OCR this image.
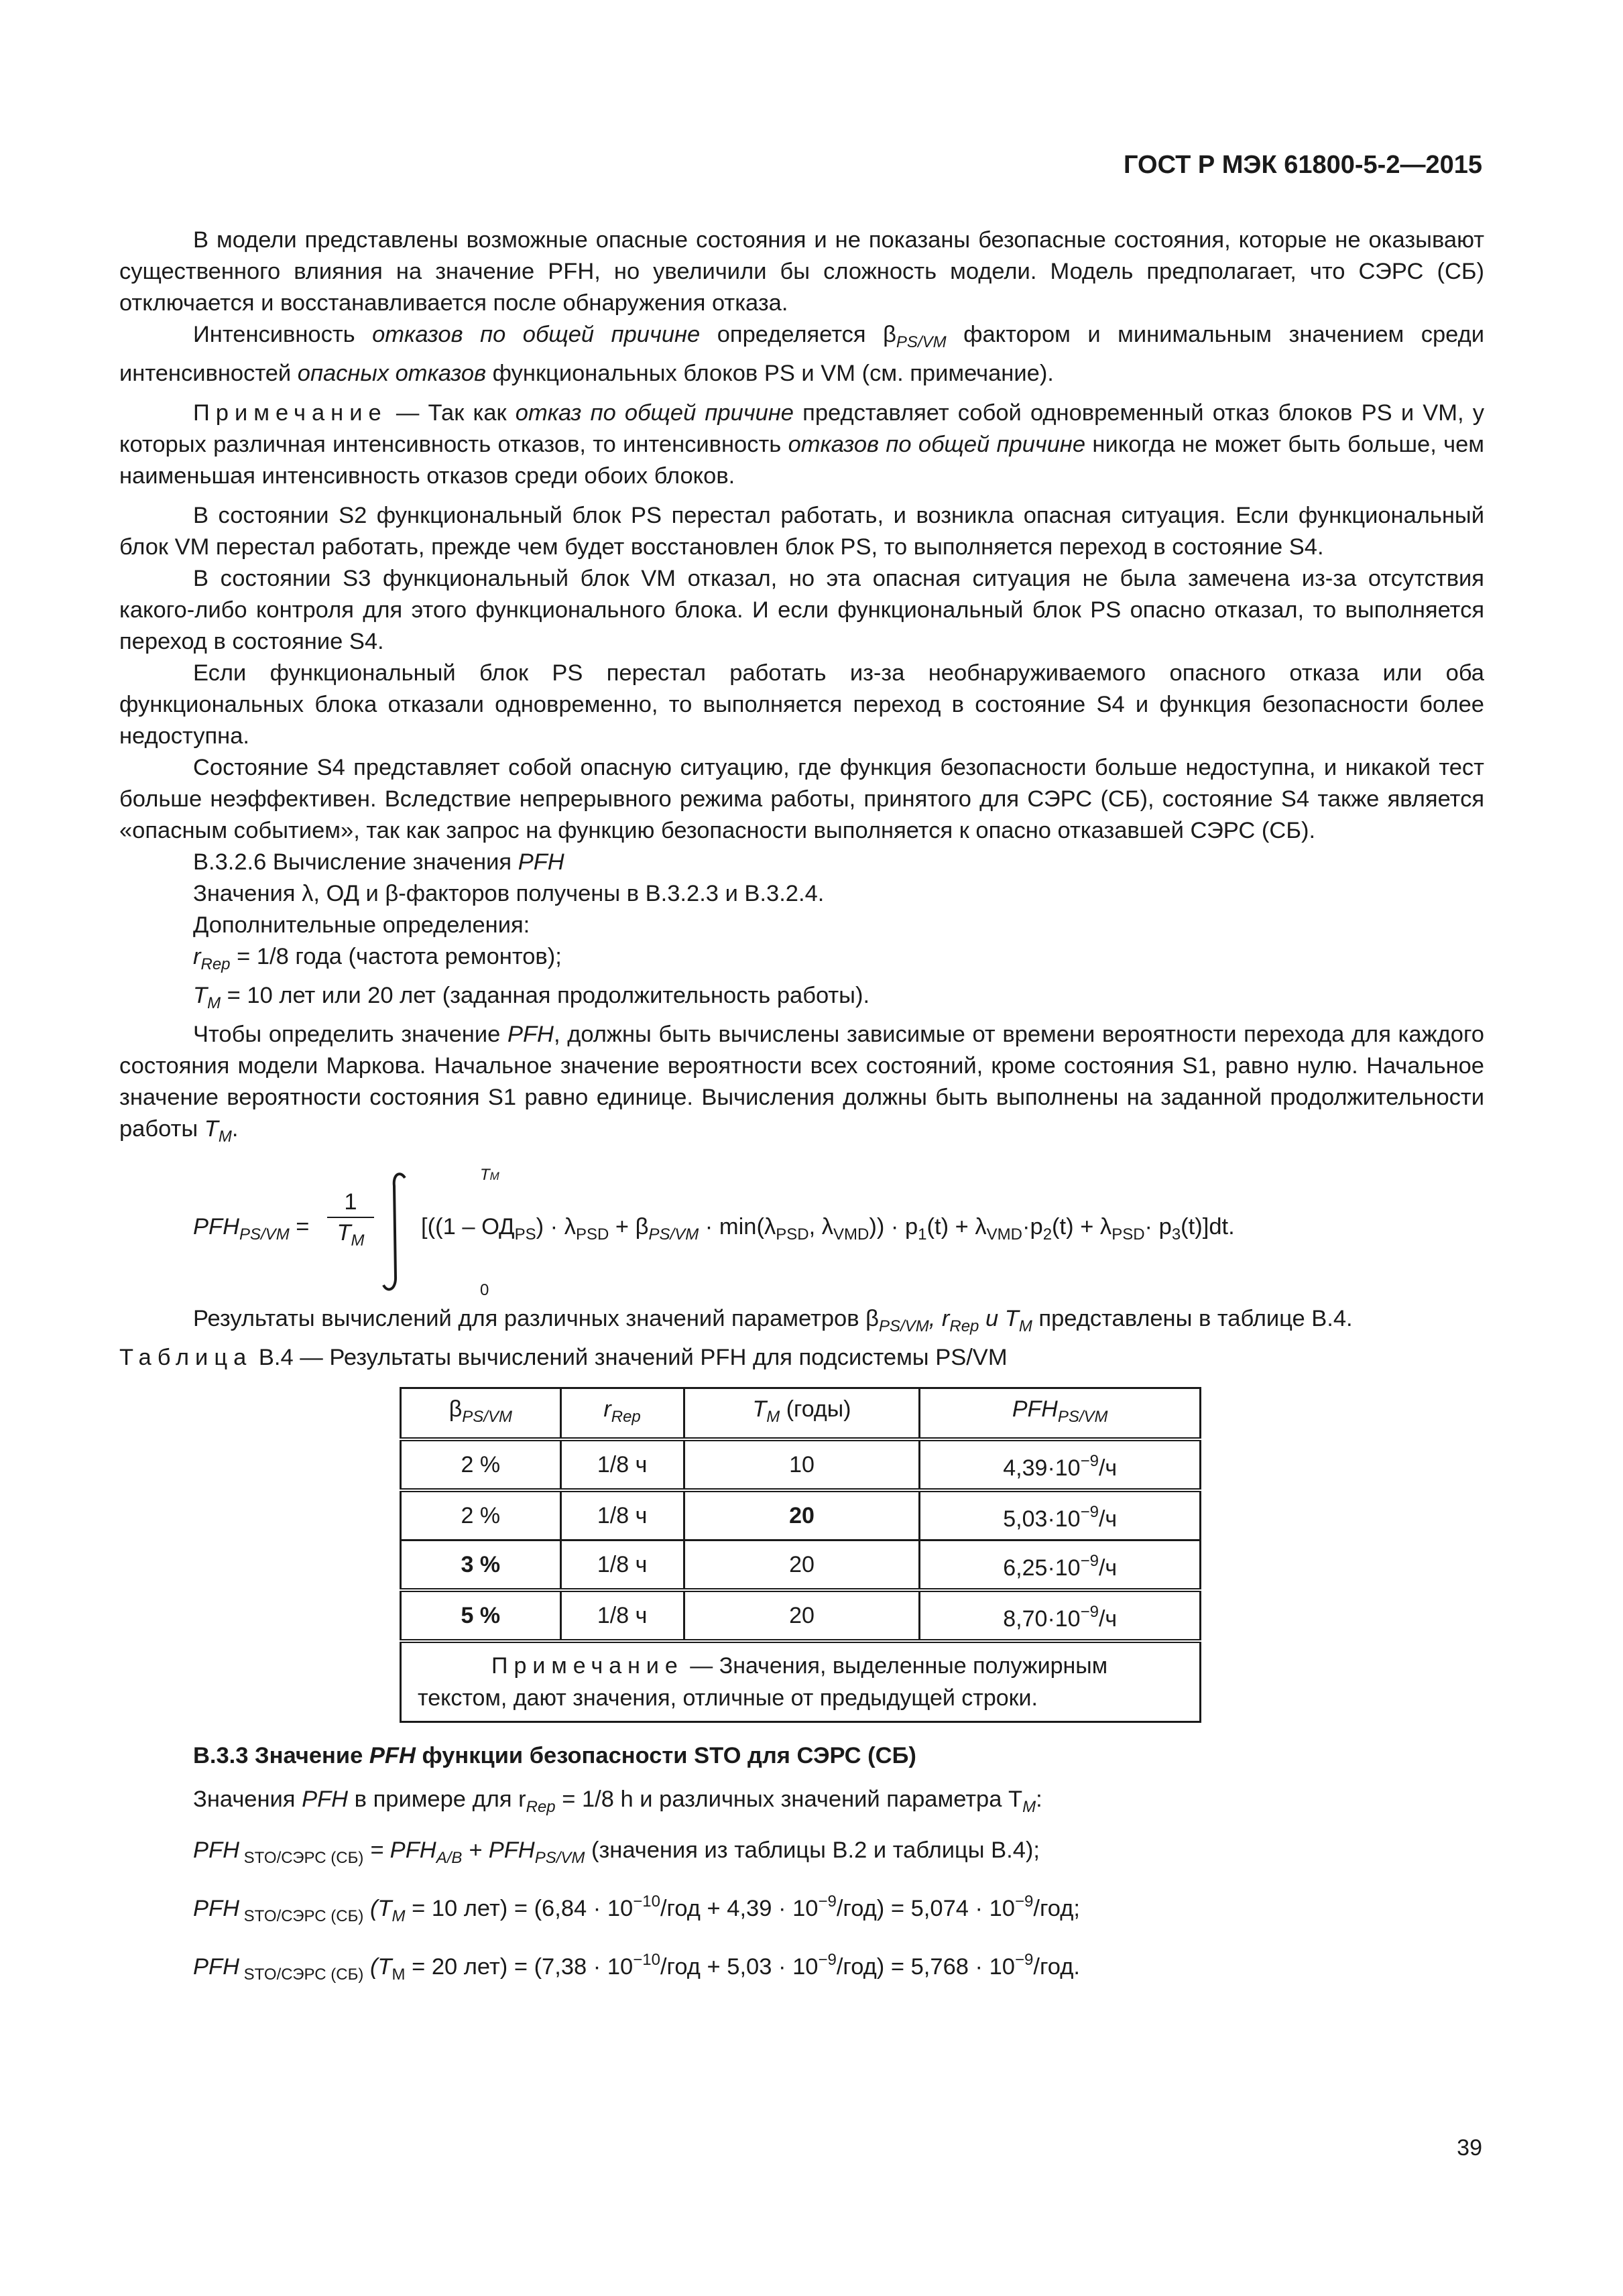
ГОСТ Р МЭК 61800-5-2—2015

В модели представлены возможные опасные состояния и не показаны безопасные состояния, которые не оказывают существенного влияния на значение PFH, но увеличили бы сложность модели. Модель предполагает, что СЭРС (СБ) отключается и восстанавливается после обнаружения отказа.

Интенсивность отказов по общей причине определяется $\beta_{PS/VM}$ фактором и минимальным значением среди интенсивностей опасных отказов функциональных блоков PS и VM (см. примечание).

Примечание — Так как отказ по общей причине представляет собой одновременный отказ блоков PS и VM, у которых различная интенсивность отказов, то интенсивность отказов по общей причине никогда не может быть больше, чем наименьшая интенсивность отказов среди обоих блоков.

В состоянии S2 функциональный блок PS перестал работать, и возникла опасная ситуация. Если функциональный блок VM перестал работать, прежде чем будет восстановлен блок PS, то выполняется переход в состояние S4.

В состоянии S3 функциональный блок VM отказал, но эта опасная ситуация не была замечена из-за отсутствия какого-либо контроля для этого функционального блока. И если функциональный блок PS опасно отказал, то выполняется переход в состояние S4.

Если функциональный блок PS перестал работать из-за необнаруживаемого опасного отказа или оба функциональных блока отказали одновременно, то выполняется переход в состояние S4 и функция безопасности более недоступна.

Состояние S4 представляет собой опасную ситуацию, где функция безопасности больше недоступна, и никакой тест больше неэффективен. Вследствие непрерывного режима работы, принятого для СЭРС (СБ), состояние S4 также является «опасным событием», так как запрос на функцию безопасности выполняется к опасно отказавшей СЭРС (СБ).

В.3.2.6 Вычисление значения PFH

Значения λ, ОД и β-факторов получены в В.3.2.3 и В.3.2.4.

Дополнительные определения:

$r_{Rep} = 1/8$ года (частота ремонтов);

$T_M = 10$ лет или 20 лет (заданная продолжительность работы).

Чтобы определить значение PFH, должны быть вычислены зависимые от времени вероятности перехода для каждого состояния модели Маркова. Начальное значение вероятности всех состояний, кроме состояния S1, равно нулю. Начальное значение вероятности состояния S1 равно единице. Вычисления должны быть выполнены на заданной продолжительности работы $T_M$.

$PFH_{PS/VM} = \frac{1}{T_M}$
TM
0
[($(1 - ОД_{PS}) \cdot \lambda_{PSD} + \beta_{PS/VM} \cdot \min(\lambda_{PSD}$, $\lambda_{VMD})) \cdot p_1(t) + \lambda_{VMD}\cdot p_2(t) + \lambda_{PSD}\cdot p_3(t)]dt$.

Результаты вычислений для различных значений параметров $\beta_{PS/VM}$, $r_{Rep}$ и $T_M$ представлены в таблице В.4.

Таблица В.4 — Результаты вычислений значений PFH для подсистемы PS/VM

$\beta_{PS/VM}$	$r_{Rep}$	$T_M$ (годы)	$PFH_{PS/VM}$
2 %	1/8 ч	10	$4,39\cdot 10^{-9}/ч$
2 %	1/8 ч	20	$5,03\cdot 10^{-9}/ч$
3 %	1/8 ч	20	$6,25\cdot 10^{-9}/ч$
5 %	1/8 ч	20	$8,70\cdot 10^{-9}/ч$
Примечание — Значения, выделенные полужирным текстом, дают значения, отличные от предыдущей строки.			

В.3.3 Значение PFH функции безопасности STO для СЭРС (СБ)

Значения PFH в примере для $r_{Rep} = 1/8$ h и различных значений параметра $T_M$:

PFH $_{STO/СЭРС (СБ)} = PFH_{A/B} + PFH_{PS/VM}$ (значения из таблицы В.2 и таблицы В.4);

PFH $_{STO/СЭРС (СБ)}$ ($T_M = 10$ $лет) = (6,84 \cdot 10^{-10}$/год + $4,39 \cdot 10^{-9}/год) = 5,074 \cdot 10^{-9}/год$;

PFH $_{STO/СЭРС (СБ)}$ ($T_M = 20$ $лет) = (7,38 \cdot 10^{-10}$/год + $5,03 \cdot 10^{-9}/год) = 5,768 \cdot 10^{-9}/год$.

39
